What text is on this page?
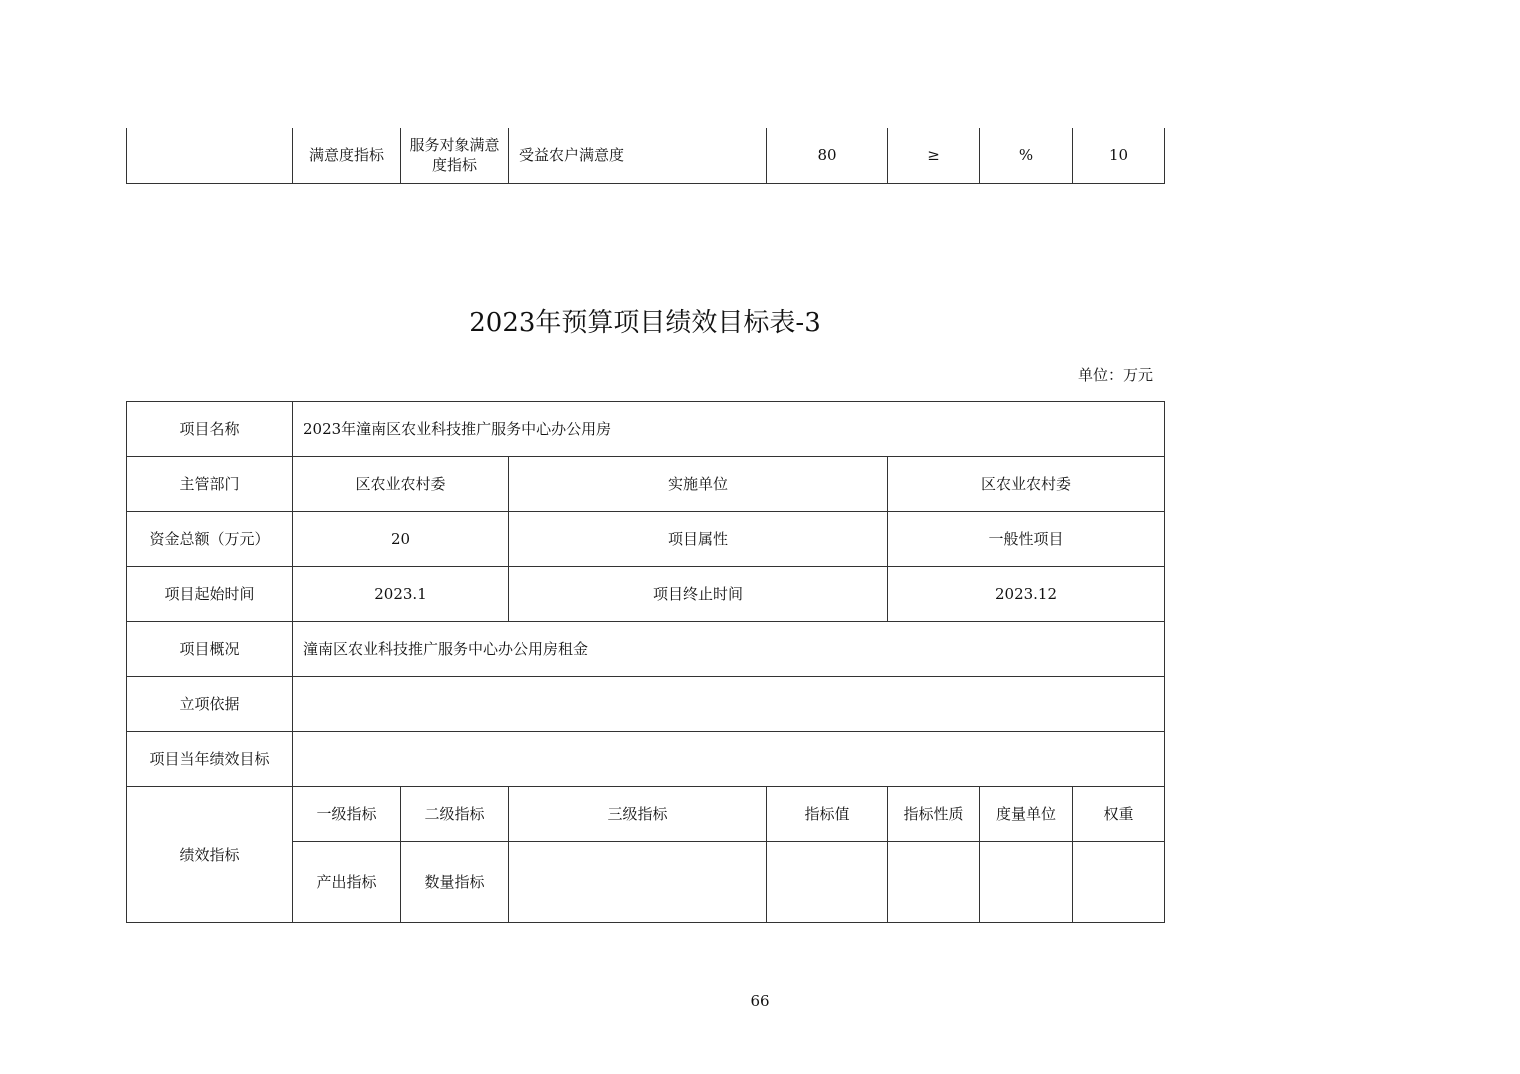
	满意度指标	服务对象满意度指标	受益农户满意度	80	≥	%	10
2023年预算项目绩效目标表-3
单位：万元
项目名称	2023年潼南区农业科技推广服务中心办公用房						
主管部门	区农业农村委		实施单位		区农业农村委		
资金总额（万元）	20		项目属性		一般性项目		
项目起始时间	2023.1		项目终止时间		2023.12		
项目概况	潼南区农业科技推广服务中心办公用房租金						
立项依据							
项目当年绩效目标							
绩效指标	一级指标	二级指标	三级指标	指标值	指标性质	度量单位	权重
	产出指标	数量指标					
66
